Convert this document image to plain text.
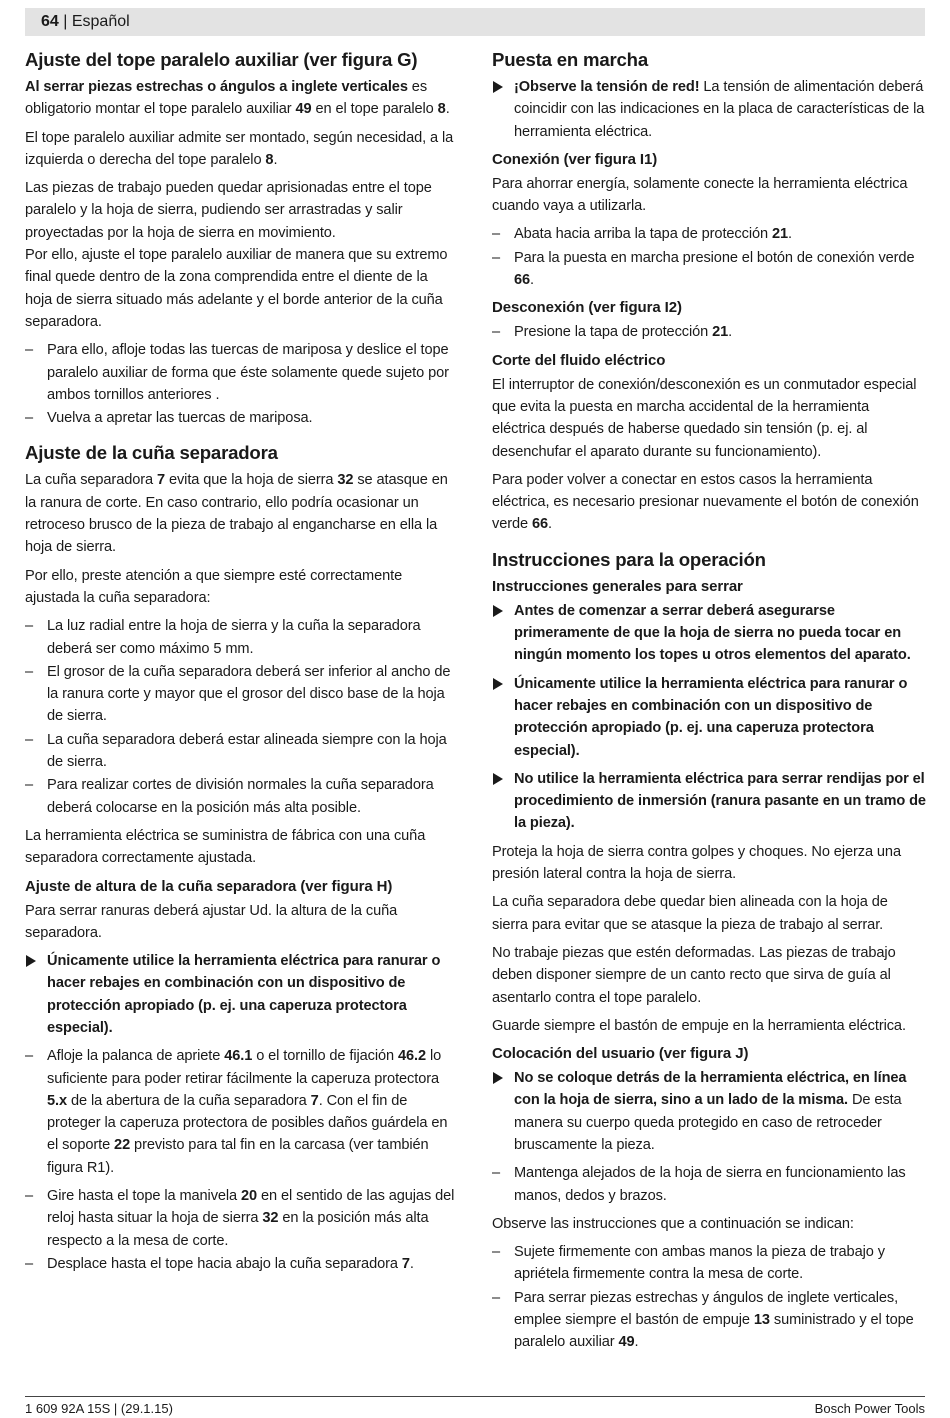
64 | Español
Ajuste del tope paralelo auxiliar (ver figura G)

Al serrar piezas estrechas o ángulos a inglete verticales es obligatorio montar el tope paralelo auxiliar 49 en el tope paralelo 8.

El tope paralelo auxiliar admite ser montado, según necesidad, a la izquierda o derecha del tope paralelo 8.

Las piezas de trabajo pueden quedar aprisionadas entre el tope paralelo y la hoja de sierra, pudiendo ser arrastradas y salir proyectadas por la hoja de sierra en movimiento.

Por ello, ajuste el tope paralelo auxiliar de manera que su extremo final quede dentro de la zona comprendida entre el diente de la hoja de sierra situado más adelante y el borde anterior de la cuña separadora.

– Para ello, afloje todas las tuercas de mariposa y deslice el tope paralelo auxiliar de forma que éste solamente quede sujeto por ambos tornillos anteriores .
– Vuelva a apretar las tuercas de mariposa.
Ajuste de la cuña separadora

La cuña separadora 7 evita que la hoja de sierra 32 se atasque en la ranura de corte. En caso contrario, ello podría ocasionar un retroceso brusco de la pieza de trabajo al engancharse en ella la hoja de sierra.

Por ello, preste atención a que siempre esté correctamente ajustada la cuña separadora:

– La luz radial entre la hoja de sierra y la cuña la separadora deberá ser como máximo 5 mm.
– El grosor de la cuña separadora deberá ser inferior al ancho de la ranura corte y mayor que el grosor del disco base de la hoja de sierra.
– La cuña separadora deberá estar alineada siempre con la hoja de sierra.
– Para realizar cortes de división normales la cuña separadora deberá colocarse en la posición más alta posible.

La herramienta eléctrica se suministra de fábrica con una cuña separadora correctamente ajustada.

Ajuste de altura de la cuña separadora (ver figura H)

Para serrar ranuras deberá ajustar Ud. la altura de la cuña separadora.

Únicamente utilice la herramienta eléctrica para ranurar o hacer rebajes en combinación con un dispositivo de protección apropiado (p. ej. una caperuza protectora especial).
– Afloje la palanca de apriete 46.1 o el tornillo de fijación 46.2 lo suficiente para poder retirar fácilmente la caperuza protectora 5.x de la abertura de la cuña separadora 7. Con el fin de proteger la caperuza protectora de posibles daños guárdela en el soporte 22 previsto para tal fin en la carcasa (ver también figura R1).
– Gire hasta el tope la manivela 20 en el sentido de las agujas del reloj hasta situar la hoja de sierra 32 en la posición más alta respecto a la mesa de corte.
– Desplace hasta el tope hacia abajo la cuña separadora 7.
Puesta en marcha
¡Observe la tensión de red! La tensión de alimentación deberá coincidir con las indicaciones en la placa de características de la herramienta eléctrica.
Conexión (ver figura I1)

Para ahorrar energía, solamente conecte la herramienta eléctrica cuando vaya a utilizarla.

– Abata hacia arriba la tapa de protección 21.
– Para la puesta en marcha presione el botón de conexión verde 66.
Desconexión (ver figura I2)
– Presione la tapa de protección 21.
Corte del fluido eléctrico

El interruptor de conexión/desconexión es un conmutador especial que evita la puesta en marcha accidental de la herramienta eléctrica después de haberse quedado sin tensión (p. ej. al desenchufar el aparato durante su funcionamiento).

Para poder volver a conectar en estos casos la herramienta eléctrica, es necesario presionar nuevamente el botón de conexión verde 66.

Instrucciones para la operación
Instrucciones generales para serrar
Antes de comenzar a serrar deberá asegurarse primeramente de que la hoja de sierra no pueda tocar en ningún momento los topes u otros elementos del aparato.
Únicamente utilice la herramienta eléctrica para ranurar o hacer rebajes en combinación con un dispositivo de protección apropiado (p. ej. una caperuza protectora especial).
No utilice la herramienta eléctrica para serrar rendijas por el procedimiento de inmersión (ranura pasante en un tramo de la pieza).

Proteja la hoja de sierra contra golpes y choques. No ejerza una presión lateral contra la hoja de sierra.

La cuña separadora debe quedar bien alineada con la hoja de sierra para evitar que se atasque la pieza de trabajo al serrar.

No trabaje piezas que estén deformadas. Las piezas de trabajo deben disponer siempre de un canto recto que sirva de guía al asentarlo contra el tope paralelo.

Guarde siempre el bastón de empuje en la herramienta eléctrica.

Colocación del usuario (ver figura J)
No se coloque detrás de la herramienta eléctrica, en línea con la hoja de sierra, sino a un lado de la misma. De esta manera su cuerpo queda protegido en caso de retroceder bruscamente la pieza.
– Mantenga alejados de la hoja de sierra en funcionamiento las manos, dedos y brazos.

Observe las instrucciones que a continuación se indican:

– Sujete firmemente con ambas manos la pieza de trabajo y apriétela firmemente contra la mesa de corte.
– Para serrar piezas estrechas y ángulos de inglete verticales, emplee siempre el bastón de empuje 13 suministrado y el tope paralelo auxiliar 49.
1 609 92A 15S | (29.1.15)	Bosch Power Tools
